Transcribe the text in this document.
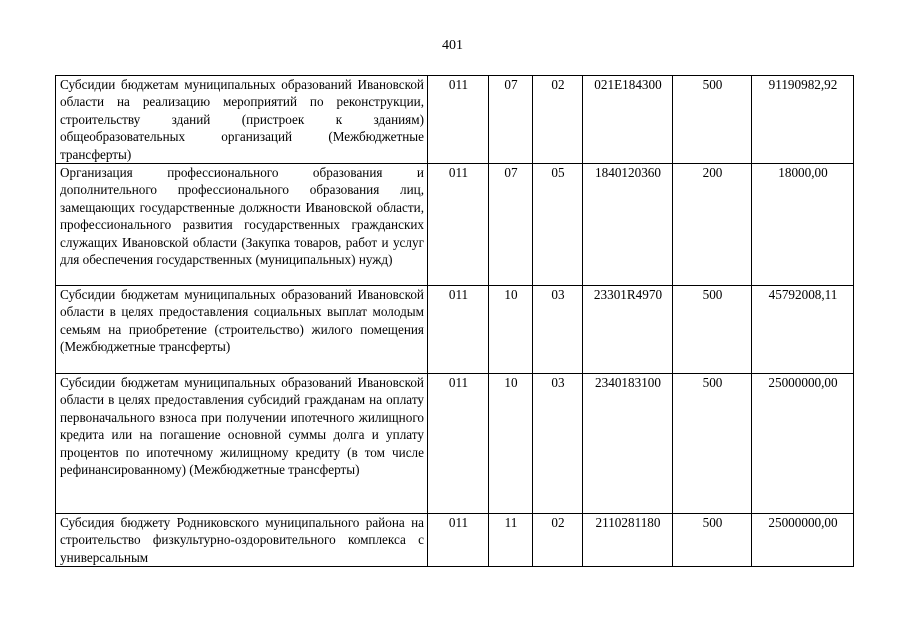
401
Субсидии бюджетам муниципальных образований Ивановской области на реализацию мероприятий по реконструкции, строительству зданий (пристроек к зданиям) общеобразовательных организаций (Межбюджетные трансферты)	011	07	02	021Е184300	500	91190982,92
Организация профессионального образования и дополнительного профессионального образования лиц, замещающих государственные должности Ивановской области, профессионального развития государственных гражданских служащих Ивановской области (Закупка товаров, работ и услуг для обеспечения государственных (муниципальных) нужд)	011	07	05	1840120360	200	18000,00
Субсидии бюджетам муниципальных образований Ивановской области в целях предоставления социальных выплат молодым семьям на приобретение (строительство) жилого помещения (Межбюджетные трансферты)	011	10	03	23301R4970	500	45792008,11
Субсидии бюджетам муниципальных образований Ивановской области в целях предоставления субсидий гражданам на оплату первоначального взноса при получении ипотечного жилищного кредита или на погашение основной суммы долга и уплату процентов по ипотечному жилищному кредиту (в том числе рефинансированному) (Межбюджетные трансферты)	011	10	03	2340183100	500	25000000,00
Субсидия бюджету Родниковского муниципального района на строительство физкультурно-оздоровительного комплекса с универсальным	011	11	02	2110281180	500	25000000,00
